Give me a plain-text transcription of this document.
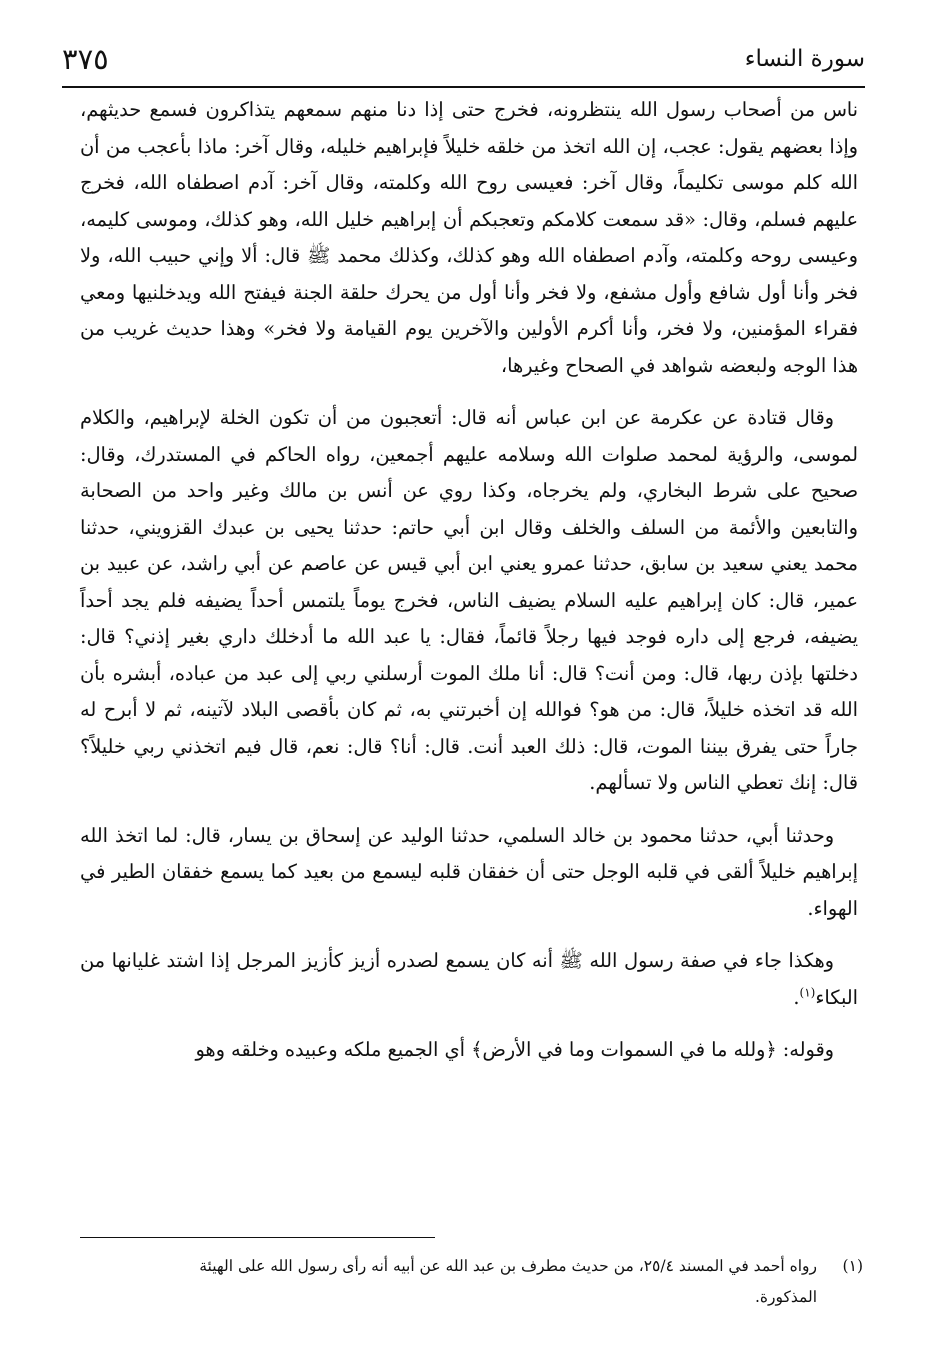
سورة النساء
٣٧٥

ناس من أصحاب رسول الله ينتظرونه، فخرج حتى إذا دنا منهم سمعهم يتذاكرون فسمع حديثهم، وإذا بعضهم يقول: عجب، إن الله اتخذ من خلقه خليلاً فإبراهيم خليله، وقال آخر: ماذا بأعجب من أن الله كلم موسى تكليماً، وقال آخر: فعيسى روح الله وكلمته، وقال آخر: آدم اصطفاه الله، فخرج عليهم فسلم، وقال: «قد سمعت كلامكم وتعجبكم أن إبراهيم خليل الله، وهو كذلك، وموسى كليمه، وعيسى روحه وكلمته، وآدم اصطفاه الله وهو كذلك، وكذلك محمد ﷺ قال: ألا وإني حبيب الله، ولا فخر وأنا أول شافع وأول مشفع، ولا فخر وأنا أول من يحرك حلقة الجنة فيفتح الله ويدخلنيها ومعي فقراء المؤمنين، ولا فخر، وأنا أكرم الأولين والآخرين يوم القيامة ولا فخر» وهذا حديث غريب من هذا الوجه ولبعضه شواهد في الصحاح وغيرها،

وقال قتادة عن عكرمة عن ابن عباس أنه قال: أتعجبون من أن تكون الخلة لإبراهيم، والكلام لموسى، والرؤية لمحمد صلوات الله وسلامه عليهم أجمعين، رواه الحاكم في المستدرك، وقال: صحيح على شرط البخاري، ولم يخرجاه، وكذا روي عن أنس بن مالك وغير واحد من الصحابة والتابعين والأئمة من السلف والخلف وقال ابن أبي حاتم: حدثنا يحيى بن عبدك القزويني، حدثنا محمد يعني سعيد بن سابق، حدثنا عمرو يعني ابن أبي قيس عن عاصم عن أبي راشد، عن عبيد بن عمير، قال: كان إبراهيم عليه السلام يضيف الناس، فخرج يوماً يلتمس أحداً يضيفه فلم يجد أحداً يضيفه، فرجع إلى داره فوجد فيها رجلاً قائماً، فقال: يا عبد الله ما أدخلك داري بغير إذني؟ قال: دخلتها بإذن ربها، قال: ومن أنت؟ قال: أنا ملك الموت أرسلني ربي إلى عبد من عباده، أبشره بأن الله قد اتخذه خليلاً، قال: من هو؟ فوالله إن أخبرتني به، ثم كان بأقصى البلاد لآتينه، ثم لا أبرح له جاراً حتى يفرق بيننا الموت، قال: ذلك العبد أنت. قال: أنا؟ قال: نعم، قال فيم اتخذني ربي خليلاً؟ قال: إنك تعطي الناس ولا تسألهم.

وحدثنا أبي، حدثنا محمود بن خالد السلمي، حدثنا الوليد عن إسحاق بن يسار، قال: لما اتخذ الله إبراهيم خليلاً ألقى في قلبه الوجل حتى أن خفقان قلبه ليسمع من بعيد كما يسمع خفقان الطير في الهواء.

وهكذا جاء في صفة رسول الله ﷺ أنه كان يسمع لصدره أزيز كأزيز المرجل إذا اشتد غليانها من البكاء$^{(١)}$.

وقوله: ﴿ولله ما في السموات وما في الأرض﴾ أي الجميع ملكه وعبيده وخلقه وهو

(١)رواه أحمد في المسند ٢٥/٤، من حديث مطرف بن عبد الله عن أبيه أنه رأى رسول الله على الهيئة
المذكورة.
